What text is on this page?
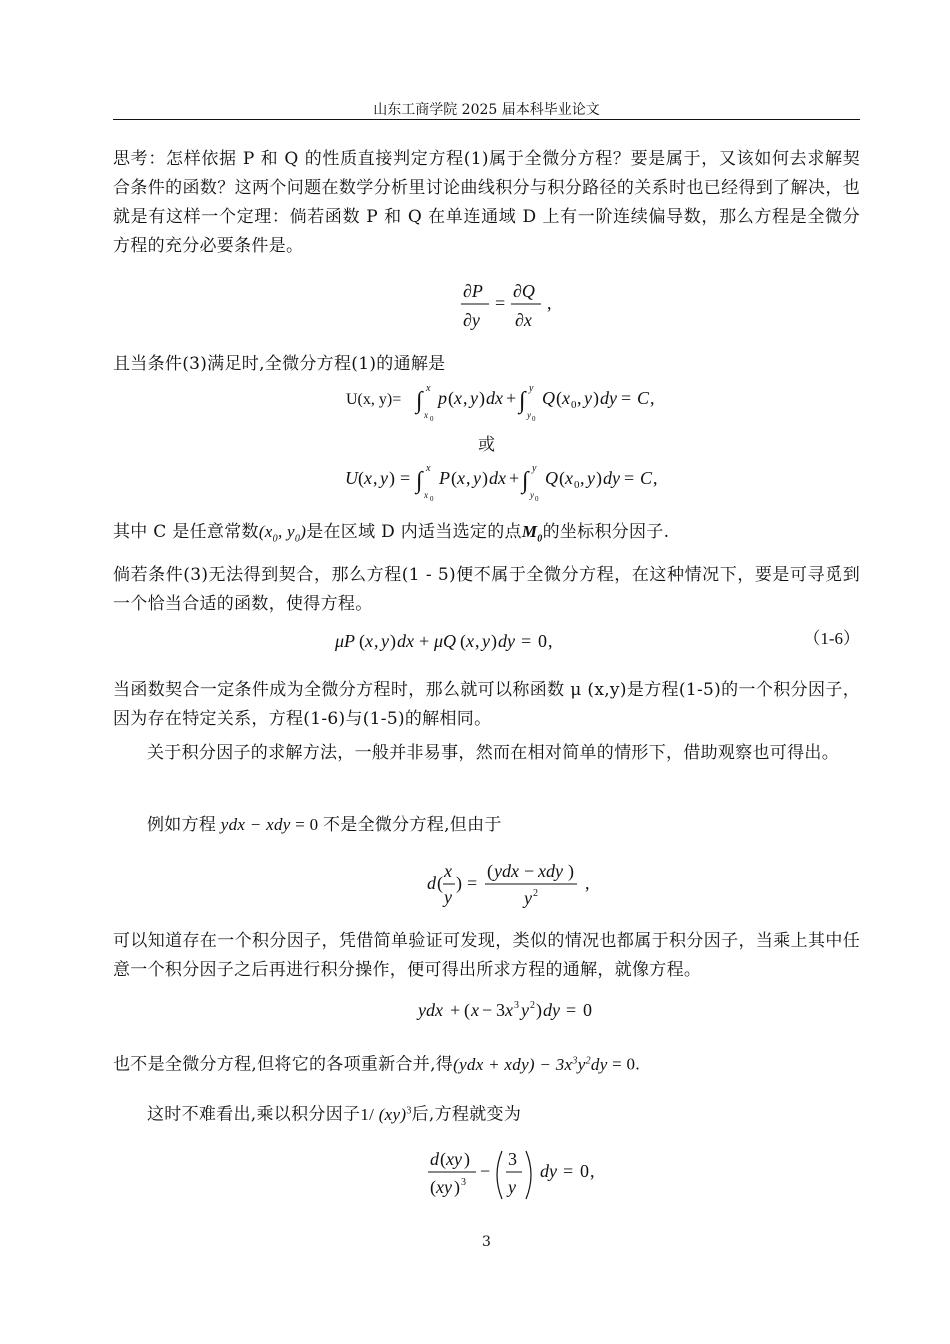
山东工商学院 2025 届本科毕业论文
思考：怎样依据 P 和 Q 的性质直接判定方程(1)属于全微分方程？要是属于，又该如何去求解契合条件的函数？这两个问题在数学分析里讨论曲线积分与积分路径的关系时也已经得到了解决，也就是有这样一个定理：倘若函数 P 和 Q 在单连通域 D 上有一阶连续偏导数，那么方程是全微分方程的充分必要条件是。
∂P
∂y
=
∂Q
∂x
,
且当条件(3)满足时,全微分方程(1)的通解是
U(x, y)= ∫ x
x 0
p ( x , y ) dx + ∫ y
y 0
Q ( x 0 , y ) dy = C ,
或
U ( x , y ) = ∫ x
x 0
P ( x , y ) dx + ∫ y
y 0
Q ( x 0 , y ) dy = C ,
其中 C 是任意常数($x_0$, $y_0$)是在区域 D 内适当选定的点$M_0$的坐标积分因子.
倘若条件(3)无法得到契合，那么方程(1 - 5)便不属于全微分方程，在这种情况下，要是可寻觅到一个恰当合适的函数，使得方程。
μP ( x , y ) dx + μQ ( x , y ) dy = 0 ,	（1-6）
当函数契合一定条件成为全微分方程时，那么就可以称函数 μ (x,y)是方程(1-5)的一个积分因子，因为存在特定关系，方程(1-6)与(1-5)的解相同。
关于积分因子的求解方法，一般并非易事，然而在相对简单的情形下，借助观察也可得出。
例如方程 ydx − xdy = 0 不是全微分方程,但由于
d (
x
y
) =
( ydx − xdy )
y 2
,
可以知道存在一个积分因子，凭借简单验证可发现，类似的情况也都属于积分因子，当乘上其中任意一个积分因子之后再进行积分操作，便可得出所求方程的通解，就像方程。
ydx + ( x − 3 x 3 y 2 ) dy = 0
也不是全微分方程,但将它的各项重新合并,得$(ydx + xdy) - 3x^3y^2dy = 0$.
这时不难看出,乘以积分因子1/ (xy)$^3$后,方程就变为
d ( xy )
( xy ) 3
−
3
y
dy = 0 ,
3
